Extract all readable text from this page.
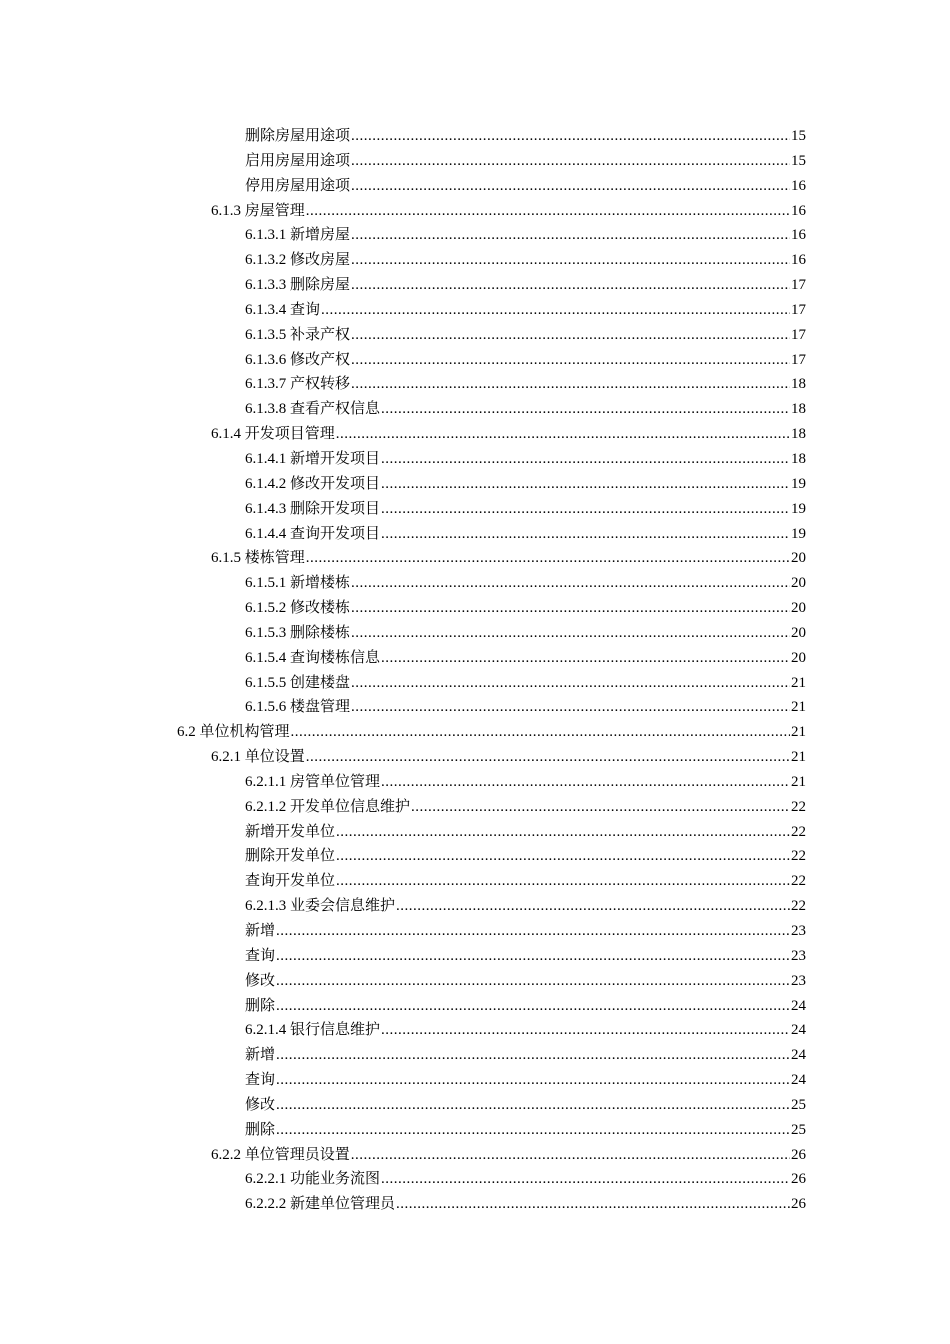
删除房屋用途项 .....	15
启用房屋用途项 .....	15
停用房屋用途项 .....	16
6.1.3 房屋管理 .....	16
6.1.3.1 新增房屋 .....	16
6.1.3.2 修改房屋 .....	16
6.1.3.3 删除房屋 .....	17
6.1.3.4 查询 .....	17
6.1.3.5 补录产权 .....	17
6.1.3.6 修改产权 .....	17
6.1.3.7 产权转移 .....	18
6.1.3.8 查看产权信息 .....	18
6.1.4 开发项目管理 .....	18
6.1.4.1 新增开发项目 .....	18
6.1.4.2 修改开发项目 .....	19
6.1.4.3 删除开发项目 .....	19
6.1.4.4 查询开发项目 .....	19
6.1.5 楼栋管理 .....	20
6.1.5.1 新增楼栋 .....	20
6.1.5.2 修改楼栋 .....	20
6.1.5.3 删除楼栋 .....	20
6.1.5.4 查询楼栋信息 .....	20
6.1.5.5 创建楼盘 .....	21
6.1.5.6 楼盘管理 .....	21
6.2 单位机构管理 .....	21
6.2.1 单位设置 .....	21
6.2.1.1 房管单位管理 .....	21
6.2.1.2 开发单位信息维护 .....	22
新增开发单位 .....	22
删除开发单位 .....	22
查询开发单位 .....	22
6.2.1.3 业委会信息维护 .....	22
新增 .....	23
查询 .....	23
修改 .....	23
删除 .....	24
6.2.1.4 银行信息维护 .....	24
新增 .....	24
查询 .....	24
修改 .....	25
删除 .....	25
6.2.2 单位管理员设置 .....	26
6.2.2.1 功能业务流图 .....	26
6.2.2.2 新建单位管理员 .....	26
